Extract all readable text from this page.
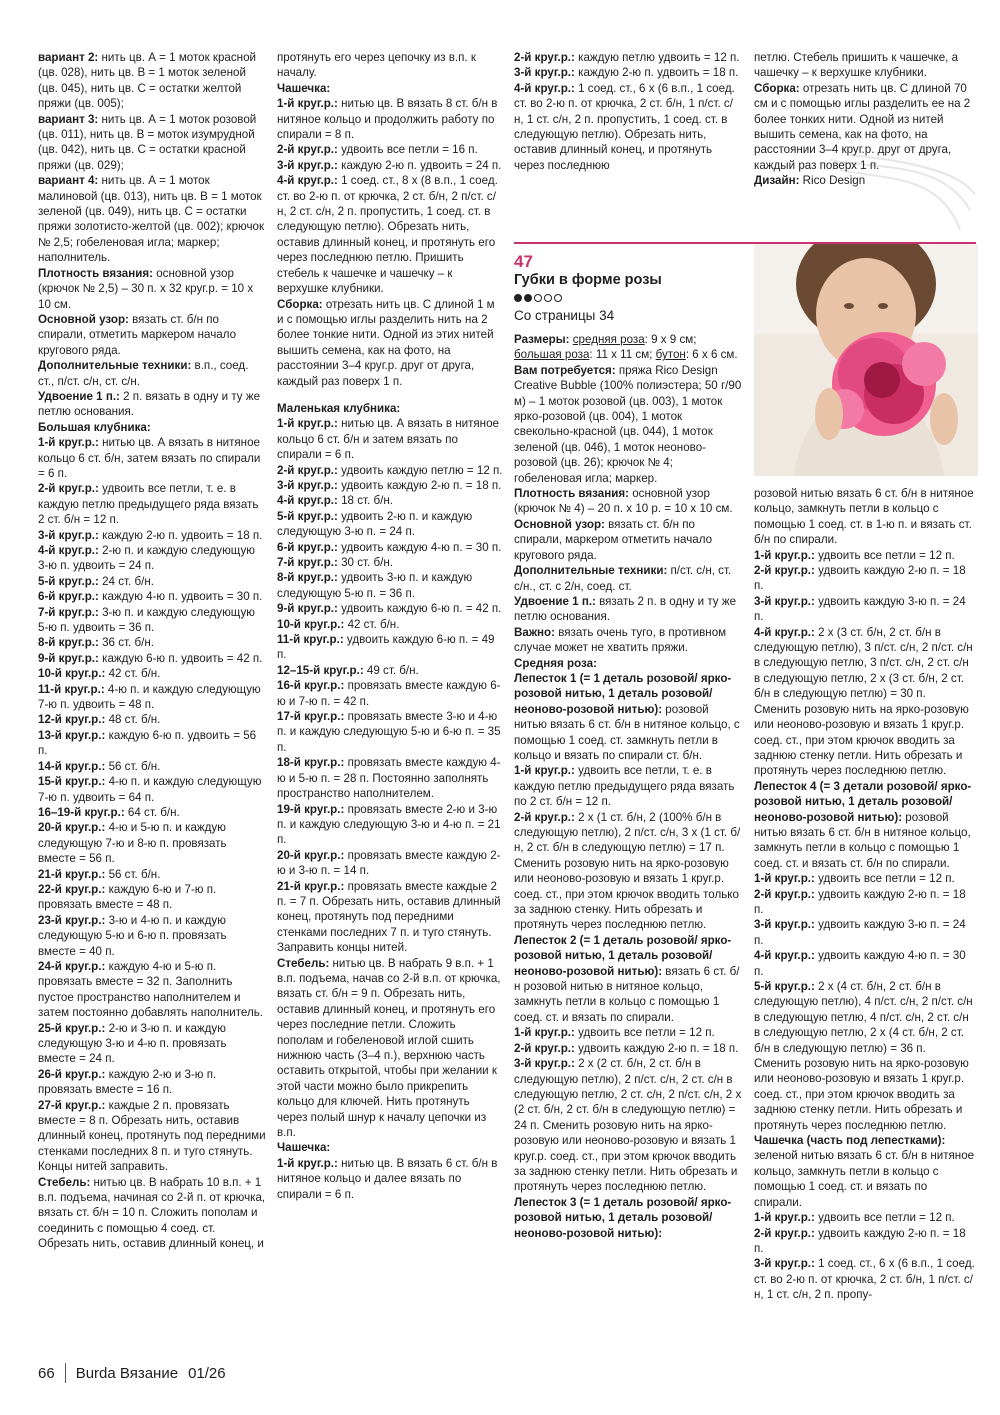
вариант 2: нить цв. А = 1 моток красной (цв. 028), нить цв. В = 1 моток зеленой (цв. 045), нить цв. С = остатки желтой пряжи (цв. 005);

вариант 3: нить цв. А = 1 моток розовой (цв. 011), нить цв. В = моток изумрудной (цв. 042), нить цв. С = остатки красной пряжи (цв. 029);

вариант 4: нить цв. А = 1 моток малиновой (цв. 013), нить цв. В = 1 моток зеленой (цв. 049), нить цв. С = остатки пряжи золотисто-желтой (цв. 002); крючок № 2,5; гобеленовая игла; маркер; наполнитель.

Плотность вязания: основной узор (крючок № 2,5) – 30 п. х 32 круг.р. = 10 х 10 см.

Основной узор: вязать ст. б/н по спирали, отметить маркером начало кругового ряда.

Дополнительные техники: в.п., соед. ст., п/ст. с/н, ст. с/н.

Удвоение 1 п.: 2 п. вязать в одну и ту же петлю основания.

Большая клубника:

1-й круг.р.: нитью цв. А вязать в нитяное кольцо 6 ст. б/н, затем вязать по спирали = 6 п.

2-й круг.р.: удвоить все петли, т. е. в каждую петлю предыдущего ряда вязать 2 ст. б/н = 12 п.

3-й круг.р.: каждую 2-ю п. удвоить = 18 п.

4-й круг.р.: 2-ю п. и каждую следующую 3-ю п. удвоить = 24 п.

5-й круг.р.: 24 ст. б/н.

6-й круг.р.: каждую 4-ю п. удвоить = 30 п.

7-й круг.р.: 3-ю п. и каждую следующую 5-ю п. удвоить = 36 п.

8-й круг.р.: 36 ст. б/н.

9-й круг.р.: каждую 6-ю п. удвоить = 42 п.

10-й круг.р.: 42 ст. б/н.

11-й круг.р.: 4-ю п. и каждую следующую 7-ю п. удвоить = 48 п.

12-й круг.р.: 48 ст. б/н.

13-й круг.р.: каждую 6-ю п. удвоить = 56 п.

14-й круг.р.: 56 ст. б/н.

15-й круг.р.: 4-ю п. и каждую следующую 7-ю п. удвоить = 64 п.

16–19-й круг.р.: 64 ст. б/н.

20-й круг.р.: 4-ю и 5-ю п. и каждую следующую 7-ю и 8-ю п. провязать вместе = 56 п.

21-й круг.р.: 56 ст. б/н.

22-й круг.р.: каждую 6-ю и 7-ю п. провязать вместе = 48 п.

23-й круг.р.: 3-ю и 4-ю п. и каждую следующую 5-ю и 6-ю п. провязать вместе = 40 п.

24-й круг.р.: каждую 4-ю и 5-ю п. провязать вместе = 32 п. Заполнить пустое пространство наполнителем и затем постоянно добавлять наполнитель.

25-й круг.р.: 2-ю и 3-ю п. и каждую следующую 3-ю и 4-ю п. провязать вместе = 24 п.

26-й круг.р.: каждую 2-ю и 3-ю п. провязать вместе = 16 п.

27-й круг.р.: каждые 2 п. провязать вместе = 8 п. Обрезать нить, оставив длинный конец, протянуть под передними стенками последних 8 п. и туго стянуть. Концы нитей заправить.

Стебель: нитью цв. В набрать 10 в.п. + 1 в.п. подъема, начиная со 2-й п. от крючка, вязать ст. б/н = 10 п. Сложить пополам и соединить с помощью 4 соед. ст. Обрезать нить, оставив длинный конец, и

протянуть его через цепочку из в.п. к началу.

Чашечка:

1-й круг.р.: нитью цв. В вязать 8 ст. б/н в нитяное кольцо и продолжить работу по спирали = 8 п.

2-й круг.р.: удвоить все петли = 16 п.

3-й круг.р.: каждую 2-ю п. удвоить = 24 п.

4-й круг.р.: 1 соед. ст., 8 х (8 в.п., 1 соед. ст. во 2-ю п. от крючка, 2 ст. б/н, 2 п/ст. с/н, 2 ст. с/н, 2 п. пропустить, 1 соед. ст. в следующую петлю). Обрезать нить, оставив длинный конец, и протянуть его через последнюю петлю. Пришить стебель к чашечке и чашечку – к верхушке клубники.

Сборка: отрезать нить цв. С длиной 1 м и с помощью иглы разделить нить на 2 более тонкие нити. Одной из этих нитей вышить семена, как на фото, на расстоянии 3–4 круг.р. друг от друга, каждый раз поверх 1 п.

Маленькая клубника:

1-й круг.р.: нитью цв. А вязать в нитяное кольцо 6 ст. б/н и затем вязать по спирали = 6 п.

2-й круг.р.: удвоить каждую петлю = 12 п.

3-й круг.р.: удвоить каждую 2-ю п. = 18 п.

4-й круг.р.: 18 ст. б/н.

5-й круг.р.: удвоить 2-ю п. и каждую следующую 3-ю п. = 24 п.

6-й круг.р.: удвоить каждую 4-ю п. = 30 п.

7-й круг.р.: 30 ст. б/н.

8-й круг.р.: удвоить 3-ю п. и каждую следующую 5-ю п. = 36 п.

9-й круг.р.: удвоить каждую 6-ю п. = 42 п.

10-й круг.р.: 42 ст. б/н.

11-й круг.р.: удвоить каждую 6-ю п. = 49 п.

12–15-й круг.р.: 49 ст. б/н.

16-й круг.р.: провязать вместе каждую 6-ю и 7-ю п. = 42 п.

17-й круг.р.: провязать вместе 3-ю и 4-ю п. и каждую следующую 5-ю и 6-ю п. = 35 п.

18-й круг.р.: провязать вместе каждую 4-ю и 5-ю п. = 28 п. Постоянно заполнять пространство наполнителем.

19-й круг.р.: провязать вместе 2-ю и 3-ю п. и каждую следующую 3-ю и 4-ю п. = 21 п.

20-й круг.р.: провязать вместе каждую 2-ю и 3-ю п. = 14 п.

21-й круг.р.: провязать вместе каждые 2 п. = 7 п. Обрезать нить, оставив длинный конец, протянуть под передними стенками последних 7 п. и туго стянуть. Заправить концы нитей.

Стебель: нитью цв. В набрать 9 в.п. + 1 в.п. подъема, начав со 2-й в.п. от крючка, вязать ст. б/н = 9 п. Обрезать нить, оставив длинный конец, и протянуть его через последние петли. Сложить пополам и гобеленовой иглой сшить нижнюю часть (3–4 п.), верхнюю часть оставить открытой, чтобы при желании к этой части можно было прикрепить кольцо для ключей. Нить протянуть через полый шнур к началу цепочки из в.п.

Чашечка:

1-й круг.р.: нитью цв. В вязать 6 ст. б/н в нитяное кольцо и далее вязать по спирали = 6 п.

2-й круг.р.: каждую петлю удвоить = 12 п.

3-й круг.р.: каждую 2-ю п. удвоить = 18 п.

4-й круг.р.: 1 соед. ст., 6 х (6 в.п., 1 соед. ст. во 2-ю п. от крючка, 2 ст. б/н, 1 п/ст. с/н, 1 ст. с/н, 2 п. пропустить, 1 соед. ст. в следующую петлю). Обрезать нить, оставив длинный конец, и протянуть через последнюю

петлю. Стебель пришить к чашечке, а чашечку – к верхушке клубники.

Сборка: отрезать нить цв. С длиной 70 см и с помощью иглы разделить ее на 2 более тонких нити. Одной из нитей вышить семена, как на фото, на расстоянии 3–4 круг.р. друг от друга, каждый раз поверх 1 п.

Дизайн: Rico Design

47
Губки в форме розы
Со страницы 34

Размеры: средняя роза: 9 х 9 см; большая роза: 11 х 11 см; бутон: 6 х 6 см.

Вам потребуется: пряжа Rico Design Creative Bubble (100% полиэстера; 50 г/90 м) – 1 моток розовой (цв. 003), 1 моток ярко-розовой (цв. 004), 1 моток свекольно-красной (цв. 044), 1 моток зеленой (цв. 046), 1 моток неоново-розовой (цв. 26); крючок № 4; гобеленовая игла; маркер.

Плотность вязания: основной узор (крючок № 4) – 20 п. х 10 р. = 10 х 10 см.

Основной узор: вязать ст. б/н по спирали, маркером отметить начало кругового ряда.

Дополнительные техники: п/ст. с/н, ст. с/н., ст. с 2/н, соед. ст.

Удвоение 1 п.: вязать 2 п. в одну и ту же петлю основания.

Важно: вязать очень туго, в противном случае может не хватить пряжи.

Средняя роза:

Лепесток 1 (= 1 деталь розовой/ ярко-розовой нитью, 1 деталь розовой/неоново-розовой нитью): розовой нитью вязать 6 ст. б/н в нитяное кольцо, с помощью 1 соед. ст. замкнуть петли в кольцо и вязать по спирали ст. б/н.

1-й круг.р.: удвоить все петли, т. е. в каждую петлю предыдущего ряда вязать по 2 ст. б/н = 12 п.

2-й круг.р.: 2 х (1 ст. б/н, 2 (100% б/н в следующую петлю), 2 п/ст. с/н, 3 х (1 ст. б/н, 2 ст. б/н в следующую петлю) = 17 п. Сменить розовую нить на ярко-розовую или неоново-розовую и вязать 1 круг.р. соед. ст., при этом крючок вводить только за заднюю стенку. Нить обрезать и протянуть через последнюю петлю.

Лепесток 2 (= 1 деталь розовой/ ярко-розовой нитью, 1 деталь розовой/неоново-розовой нитью): вязать 6 ст. б/н розовой нитью в нитяное кольцо, замкнуть петли в кольцо с помощью 1 соед. ст. и вязать по спирали.

1-й круг.р.: удвоить все петли = 12 п.

2-й круг.р.: удвоить каждую 2-ю п. = 18 п.

3-й круг.р.: 2 х (2 ст. б/н, 2 ст. б/н в следующую петлю), 2 п/ст. с/н, 2 ст. с/н в следующую петлю, 2 ст. с/н, 2 п/ст. с/н, 2 х (2 ст. б/н, 2 ст. б/н в следующую петлю) = 24 п. Сменить розовую нить на ярко-розовую или неоново-розовую и вязать 1 круг.р. соед. ст., при этом крючок вводить за заднюю стенку петли. Нить обрезать и протянуть через последнюю петлю.

Лепесток 3 (= 1 деталь розовой/ ярко-розовой нитью, 1 деталь розовой/неоново-розовой нитью):

розовой нитью вязать 6 ст. б/н в нитяное кольцо, замкнуть петли в кольцо с помощью 1 соед. ст. в 1-ю п. и вязать ст. б/н по спирали.

1-й круг.р.: удвоить все петли = 12 п.

2-й круг.р.: удвоить каждую 2-ю п. = 18 п.

3-й круг.р.: удвоить каждую 3-ю п. = 24 п.

4-й круг.р.: 2 х (3 ст. б/н, 2 ст. б/н в следующую петлю), 3 п/ст. с/н, 2 п/ст. с/н в следующую петлю, 3 п/ст. с/н, 2 ст. с/н в следующую петлю, 2 х (3 ст. б/н, 2 ст. б/н в следующую петлю) = 30 п. Сменить розовую нить на ярко-розовую или неоново-розовую и вязать 1 круг.р. соед. ст., при этом крючок вводить за заднюю стенку петли. Нить обрезать и протянуть через последнюю петлю.

Лепесток 4 (= 3 детали розовой/ ярко-розовой нитью, 1 деталь розовой/неоново-розовой нитью): розовой нитью вязать 6 ст. б/н в нитяное кольцо, замкнуть петли в кольцо с помощью 1 соед. ст. и вязать ст. б/н по спирали.

1-й круг.р.: удвоить все петли = 12 п.

2-й круг.р.: удвоить каждую 2-ю п. = 18 п.

3-й круг.р.: удвоить каждую 3-ю п. = 24 п.

4-й круг.р.: удвоить каждую 4-ю п. = 30 п.

5-й круг.р.: 2 х (4 ст. б/н, 2 ст. б/н в следующую петлю), 4 п/ст. с/н, 2 п/ст. с/н в следующую петлю, 4 п/ст. с/н, 2 ст. с/н в следующую петлю, 2 х (4 ст. б/н, 2 ст. б/н в следующую петлю) = 36 п. Сменить розовую нить на ярко-розовую или неоново-розовую и вязать 1 круг.р. соед. ст., при этом крючок вводить за заднюю стенку петли. Нить обрезать и протянуть через последнюю петлю.

Чашечка (часть под лепестками): зеленой нитью вязать 6 ст. б/н в нитяное кольцо, замкнуть петли в кольцо с помощью 1 соед. ст. и вязать по спирали.

1-й круг.р.: удвоить все петли = 12 п.

2-й круг.р.: удвоить каждую 2-ю п. = 18 п.

3-й круг.р.: 1 соед. ст., 6 х (6 в.п., 1 соед. ст. во 2-ю п. от крючка, 2 ст. б/н, 1 п/ст. с/н, 1 ст. с/н, 2 п. пропу-

66 Burda Вязание 01/26
